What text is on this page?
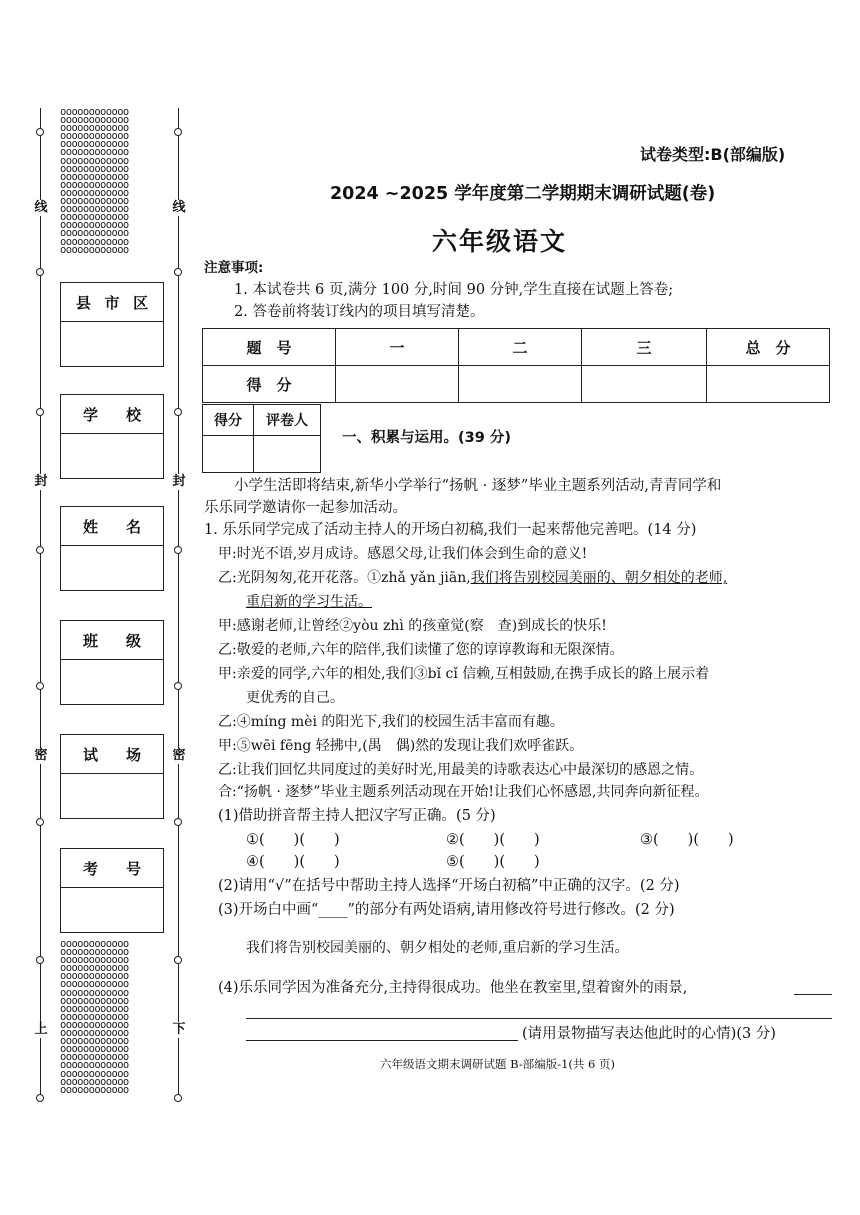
线	线
封	封
密	密
上	下
oooooooooooo
oooooooooooo
oooooooooooo
oooooooooooo
oooooooooooo
oooooooooooo
oooooooooooo
oooooooooooo
oooooooooooo
oooooooooooo
oooooooooooo
oooooooooooo
oooooooooooo
oooooooooooo
oooooooooooo
oooooooooooo
oooooooooooo
oooooooooooo
oooooooooooo
oooooooooooo
oooooooooooo
oooooooooooo
oooooooooooo
oooooooooooo
oooooooooooo
oooooooooooo
oooooooooooo
oooooooooooo
oooooooooooo
oooooooooooo
oooooooooooo
oooooooooooo
oooooooooooo
oooooooooooo
oooooooooooo
oooooooooooo
oooooooooooo
县 市 区
学 校
姓 名
班 级
试 场
考 号
试卷类型:B(部编版)
2024 ~2025 学年度第二学期期末调研试题(卷)
六年级语文
注意事项:
1. 本试卷共 6 页,满分 100 分,时间 90 分钟,学生直接在试题上答卷;
2. 答卷前将装订线内的项目填写清楚。
题　号	一	二	三	总　分
得　分				
得分	评卷人

一、积累与运用。(39 分)
小学生活即将结束,新华小学举行“扬帆 · 逐梦”毕业主题系列活动,青青同学和
乐乐同学邀请你一起参加活动。
1. 乐乐同学完成了活动主持人的开场白初稿,我们一起来帮他完善吧。(14 分)
甲:时光不语,岁月成诗。感恩父母,让我们体会到生命的意义!
乙:光阴匆匆,花开花落。①zhǎ yǎn jiān,我们将告别校园美丽的、朝夕相处的老师,
重启新的学习生活。
甲:感谢老师,让曾经②yòu zhì 的孩童觉(察　查)到成长的快乐!
乙:敬爱的老师,六年的陪伴,我们读懂了您的谆谆教诲和无限深情。
甲:亲爱的同学,六年的相处,我们③bǐ cǐ 信赖,互相鼓励,在携手成长的路上展示着
更优秀的自己。
乙:④míng mèi 的阳光下,我们的校园生活丰富而有趣。
甲:⑤wēi fēng 轻拂中,(禺　偶)然的发现让我们欢呼雀跃。
乙:让我们回忆共同度过的美好时光,用最美的诗歌表达心中最深切的感恩之情。
合:“扬帆 · 逐梦”毕业主题系列活动现在开始!让我们心怀感恩,共同奔向新征程。
(1)借助拼音帮主持人把汉字写正确。(5 分)
①(　　)(　　)	②(　　)(　　)	③(　　)(　　)
④(　　)(　　)	⑤(　　)(　　)
(2)请用“√”在括号中帮助主持人选择“开场白初稿”中正确的汉字。(2 分)
(3)开场白中画“____”的部分有两处语病,请用修改符号进行修改。(2 分)
我们将告别校园美丽的、朝夕相处的老师,重启新的学习生活。
(4)乐乐同学因为准备充分,主持得很成功。他坐在教室里,望着窗外的雨景,
(请用景物描写表达他此时的心情)(3 分)
六年级语文期末调研试题 B-部编版-1(共 6 页)
